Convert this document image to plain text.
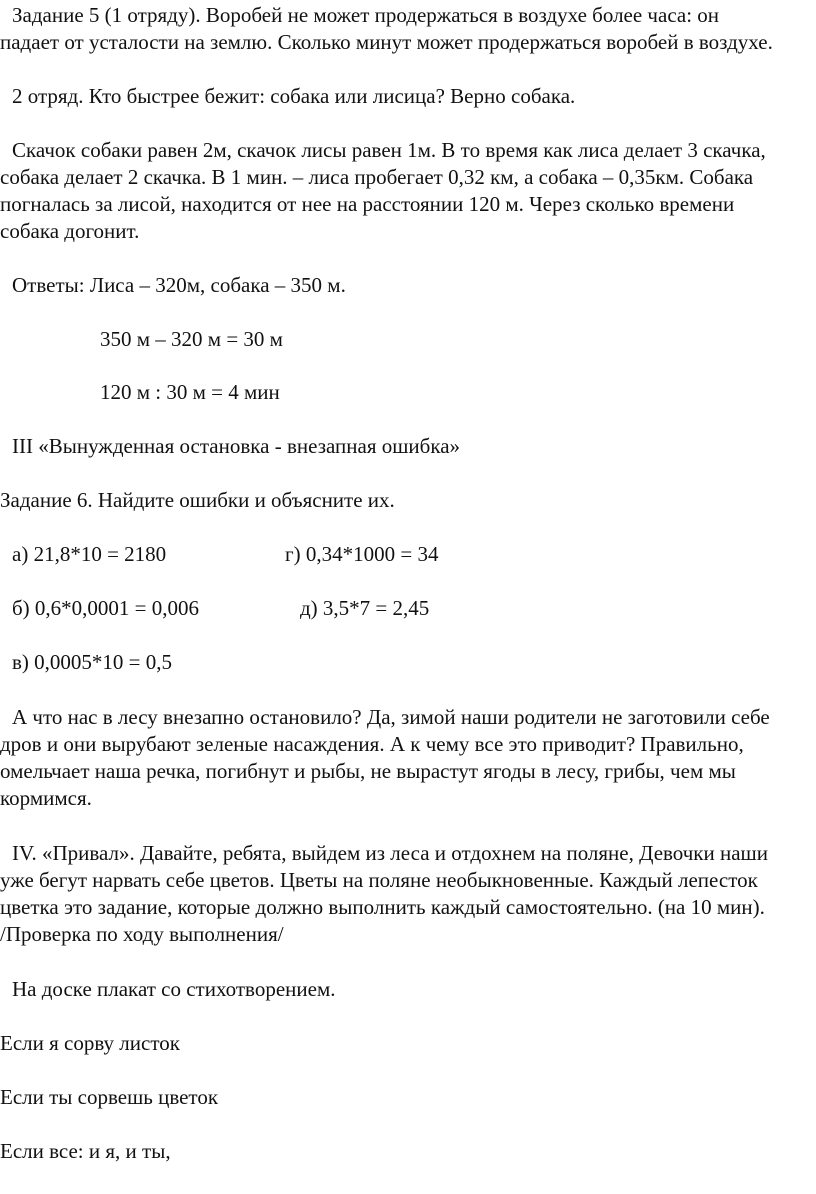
Задание 5 (1 отряду). Воробей не может продержаться в воздухе более часа: он
падает от усталости на землю. Сколько минут может продержаться воробей в воздухе.
2 отряд. Кто быстрее бежит: собака или лисица? Верно собака.
Скачок собаки равен 2м, скачок лисы равен 1м. В то время как лиса делает 3 скачка,
собака делает 2 скачка. В 1 мин. – лиса пробегает 0,32 км, а собака – 0,35км. Собака
погналась за лисой, находится от нее на расстоянии 120 м. Через сколько времени
собака догонит.
Ответы: Лиса – 320м, собака – 350 м.
350 м – 320 м = 30 м
120 м : 30 м = 4 мин
III «Вынужденная остановка - внезапная ошибка»
Задание 6. Найдите ошибки и объясните их.
а) 21,8*10 = 2180	г) 0,34*1000 = 34
б) 0,6*0,0001 = 0,006	д) 3,5*7 = 2,45
в) 0,0005*10 = 0,5
А что нас в лесу внезапно остановило? Да, зимой наши родители не заготовили себе
дров и они вырубают зеленые насаждения. А к чему все это приводит? Правильно,
омельчает наша речка, погибнут и рыбы, не вырастут ягоды в лесу, грибы, чем мы
кормимся.
IV. «Привал». Давайте, ребята, выйдем из леса и отдохнем на поляне, Девочки наши
уже бегут нарвать себе цветов. Цветы на поляне необыкновенные. Каждый лепесток
цветка это задание, которые должно выполнить каждый самостоятельно. (на 10 мин).
/Проверка по ходу выполнения/
На доске плакат со стихотворением.
Если я сорву листок
Если ты сорвешь цветок
Если все: и я, и ты,
